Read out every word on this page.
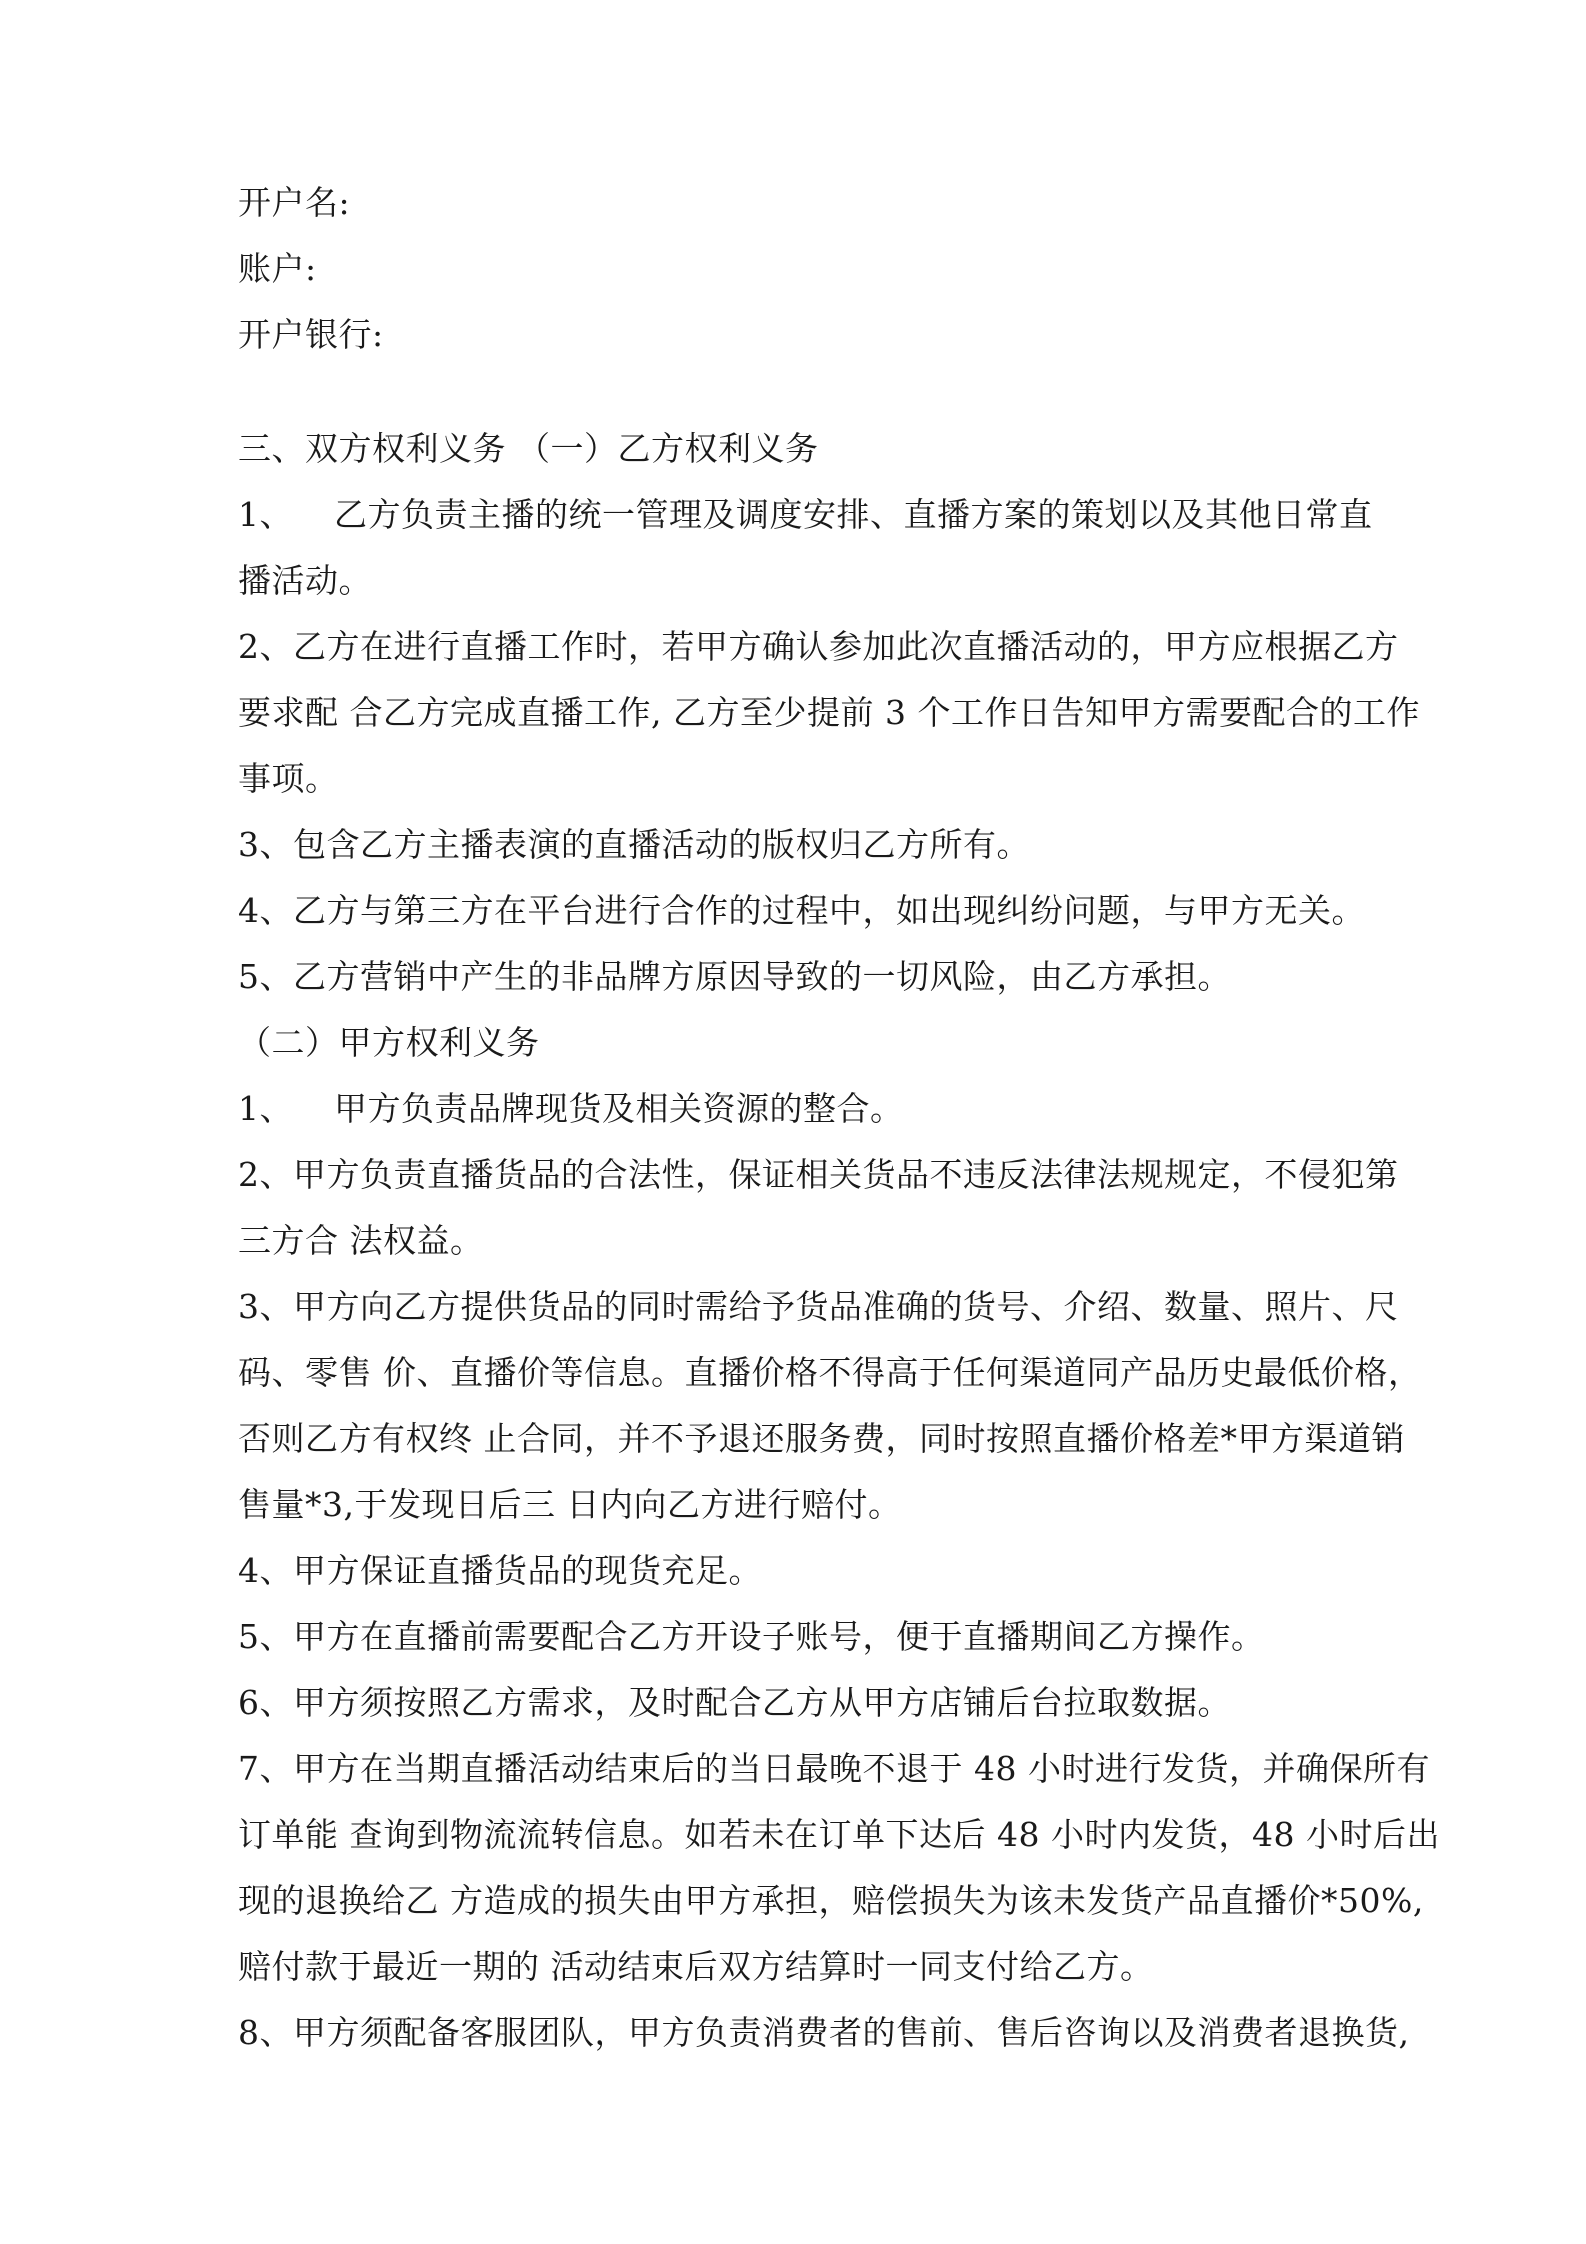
开户名:
账户:
开户银行:
三、双方权利义务 （一）乙方权利义务
1、 乙方负责主播的统一管理及调度安排、直播方案的策划以及其他日常直
播活动。
2、乙方在进行直播工作时，若甲方确认参加此次直播活动的，甲方应根据乙方
要求配 合乙方完成直播工作, 乙方至少提前 3 个工作日告知甲方需要配合的工作
事项。
3、包含乙方主播表演的直播活动的版权归乙方所有。
4、乙方与第三方在平台进行合作的过程中，如出现纠纷问题，与甲方无关。
5、乙方营销中产生的非品牌方原因导致的一切风险，由乙方承担。
（二）甲方权利义务
1、 甲方负责品牌现货及相关资源的整合。
2、甲方负责直播货品的合法性，保证相关货品不违反法律法规规定，不侵犯第
三方合 法权益。
3、甲方向乙方提供货品的同时需给予货品准确的货号、介绍、数量、照片、尺
码、零售 价、直播价等信息。直播价格不得高于任何渠道同产品历史最低价格，
否则乙方有权终 止合同，并不予退还服务费，同时按照直播价格差*甲方渠道销
售量*3,于发现日后三 日内向乙方进行赔付。
4、甲方保证直播货品的现货充足。
5、甲方在直播前需要配合乙方开设子账号，便于直播期间乙方操作。
6、甲方须按照乙方需求，及时配合乙方从甲方店铺后台拉取数据。
7、甲方在当期直播活动结束后的当日最晚不退于 48 小时进行发货，并确保所有
订单能 查询到物流流转信息。如若未在订单下达后 48 小时内发货，48 小时后出
现的退换给乙 方造成的损失由甲方承担，赔偿损失为该未发货产品直播价*50%,
赔付款于最近一期的 活动结束后双方结算时一同支付给乙方。
8、甲方须配备客服团队，甲方负责消费者的售前、售后咨询以及消费者退换货,
